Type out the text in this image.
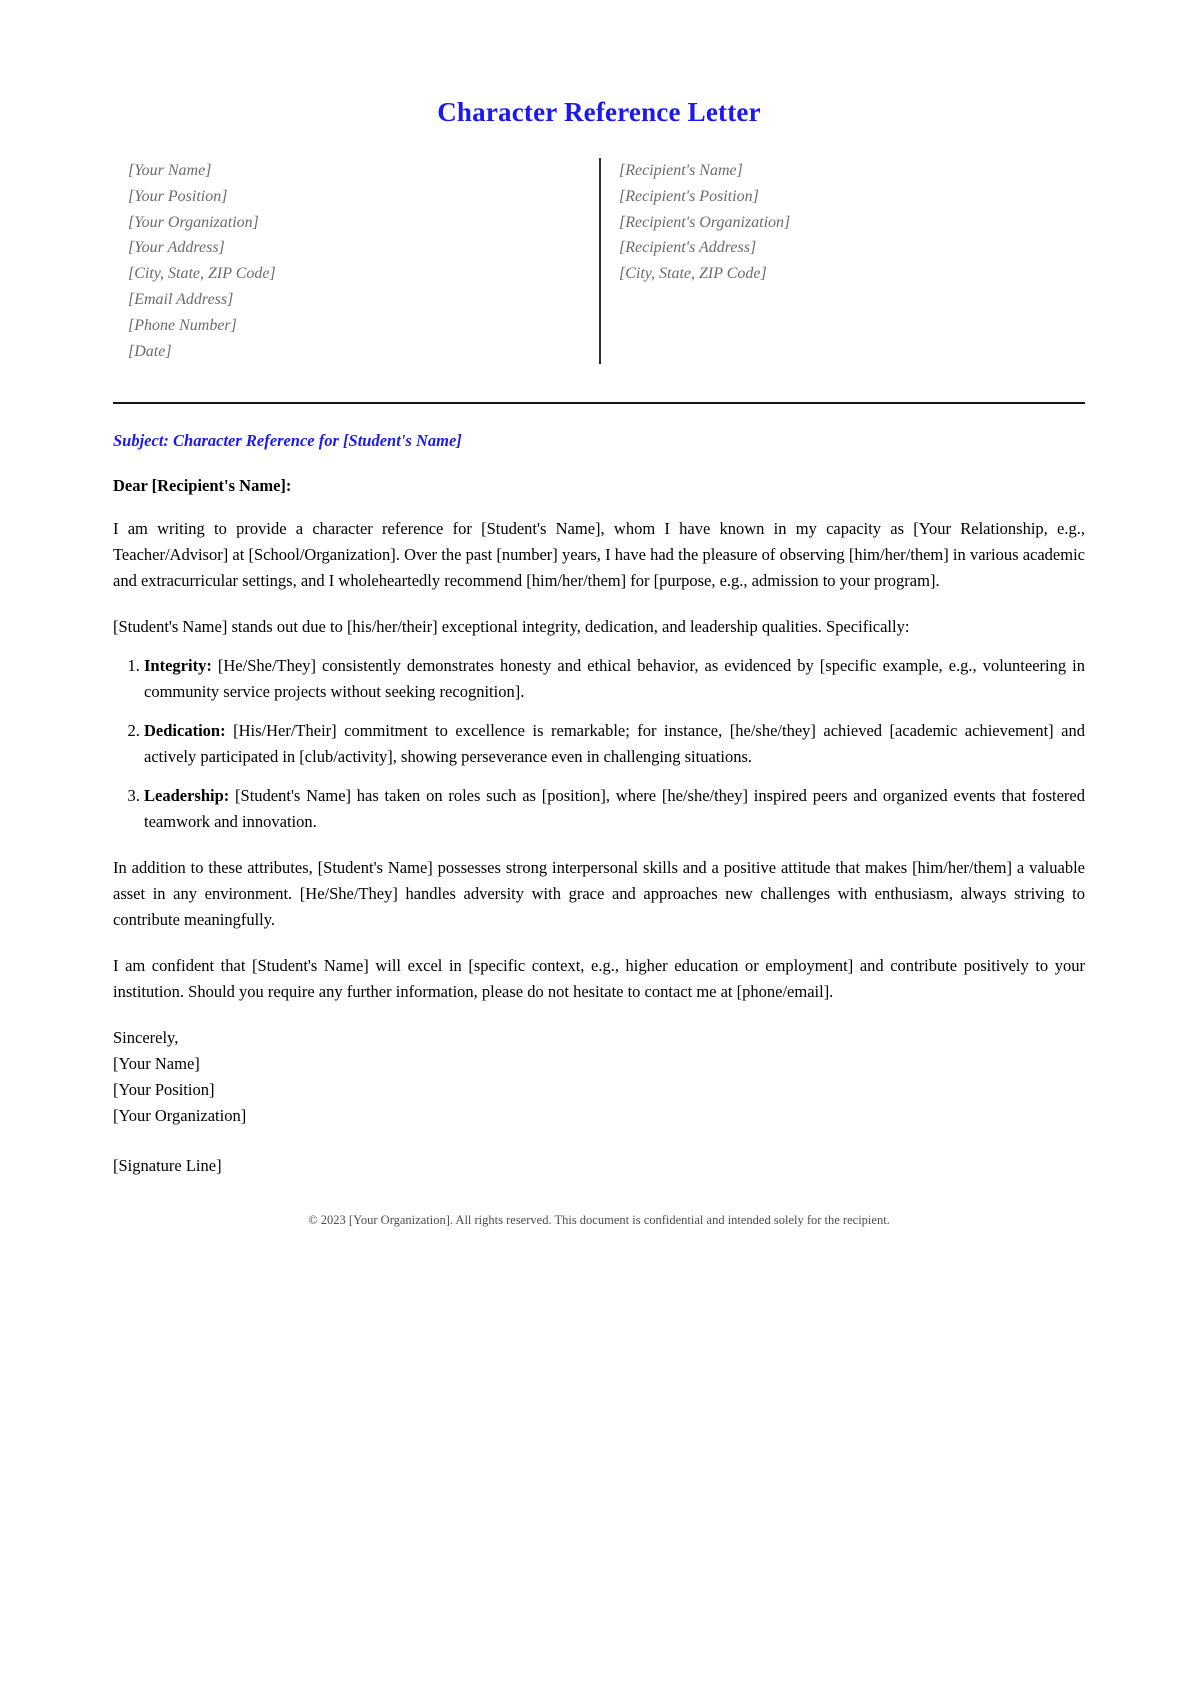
Character Reference Letter
[Your Name]
[Your Position]
[Your Organization]
[Your Address]
[City, State, ZIP Code]
[Email Address]
[Phone Number]
[Date]
[Recipient's Name]
[Recipient's Position]
[Recipient's Organization]
[Recipient's Address]
[City, State, ZIP Code]

Subject: Character Reference for [Student's Name]

Dear [Recipient's Name]:

I am writing to provide a character reference for [Student's Name], whom I have known in my capacity as [Your Relationship, e.g., Teacher/Advisor] at [School/Organization]. Over the past [number] years, I have had the pleasure of observing [him/her/them] in various academic and extracurricular settings, and I wholeheartedly recommend [him/her/them] for [purpose, e.g., admission to your program].

[Student's Name] stands out due to [his/her/their] exceptional integrity, dedication, and leadership qualities. Specifically:

1. Integrity: [He/She/They] consistently demonstrates honesty and ethical behavior, as evidenced by [specific example, e.g., volunteering in community service projects without seeking recognition].
2. Dedication: [His/Her/Their] commitment to excellence is remarkable; for instance, [he/she/they] achieved [academic achievement] and actively participated in [club/activity], showing perseverance even in challenging situations.
3. Leadership: [Student's Name] has taken on roles such as [position], where [he/she/they] inspired peers and organized events that fostered teamwork and innovation.

In addition to these attributes, [Student's Name] possesses strong interpersonal skills and a positive attitude that makes [him/her/them] a valuable asset in any environment. [He/She/They] handles adversity with grace and approaches new challenges with enthusiasm, always striving to contribute meaningfully.

I am confident that [Student's Name] will excel in [specific context, e.g., higher education or employment] and contribute positively to your institution. Should you require any further information, please do not hesitate to contact me at [phone/email].

Sincerely,
[Your Name]
[Your Position]
[Your Organization]

[Signature Line]

© 2023 [Your Organization]. All rights reserved. This document is confidential and intended solely for the recipient.
